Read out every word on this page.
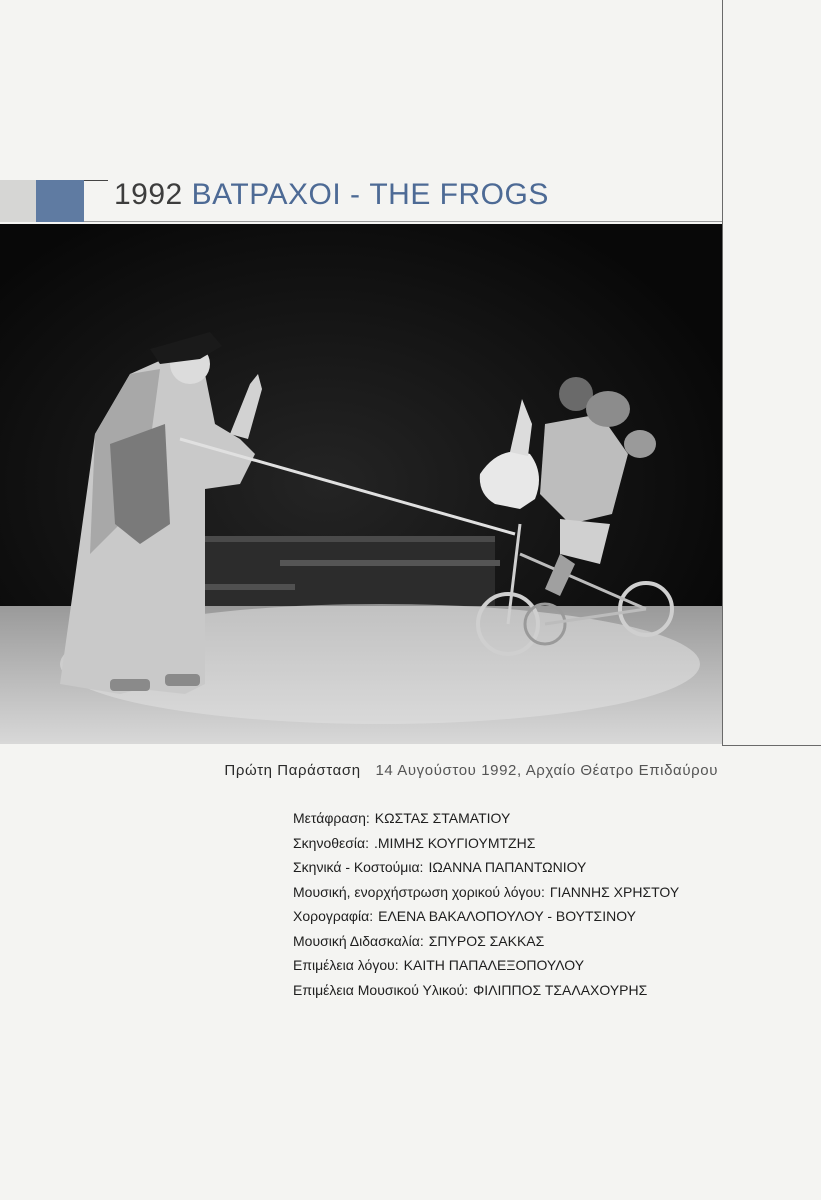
1992 ΒΑΤΡΑΧΟΙ - THE FROGS
Πρώτη Παράσταση 14 Αυγούστου 1992, Αρχαίο Θέατρο Επιδαύρου
Μετάφραση: ΚΩΣΤΑΣ ΣΤΑΜΑΤΙΟΥ
Σκηνοθεσία: .ΜΙΜΗΣ ΚΟΥΓΙΟΥΜΤΖΗΣ
Σκηνικά - Κοστούμια: ΙΩΑΝΝΑ ΠΑΠΑΝΤΩΝΙΟΥ
Μουσική, ενορχήστρωση χορικού λόγου: ΓΙΑΝΝΗΣ ΧΡΗΣΤΟΥ
Χορογραφία: ΕΛΕΝΑ ΒΑΚΑΛΟΠΟΥΛΟΥ - ΒΟΥΤΣΙΝΟΥ
Μουσική Διδασκαλία: ΣΠΥΡΟΣ ΣΑΚΚΑΣ
Επιμέλεια λόγου: ΚΑΙΤΗ ΠΑΠΑΛΕΞΟΠΟΥΛΟΥ
Επιμέλεια Μουσικού Υλικού: ΦΙΛΙΠΠΟΣ ΤΣΑΛΑΧΟΥΡΗΣ
